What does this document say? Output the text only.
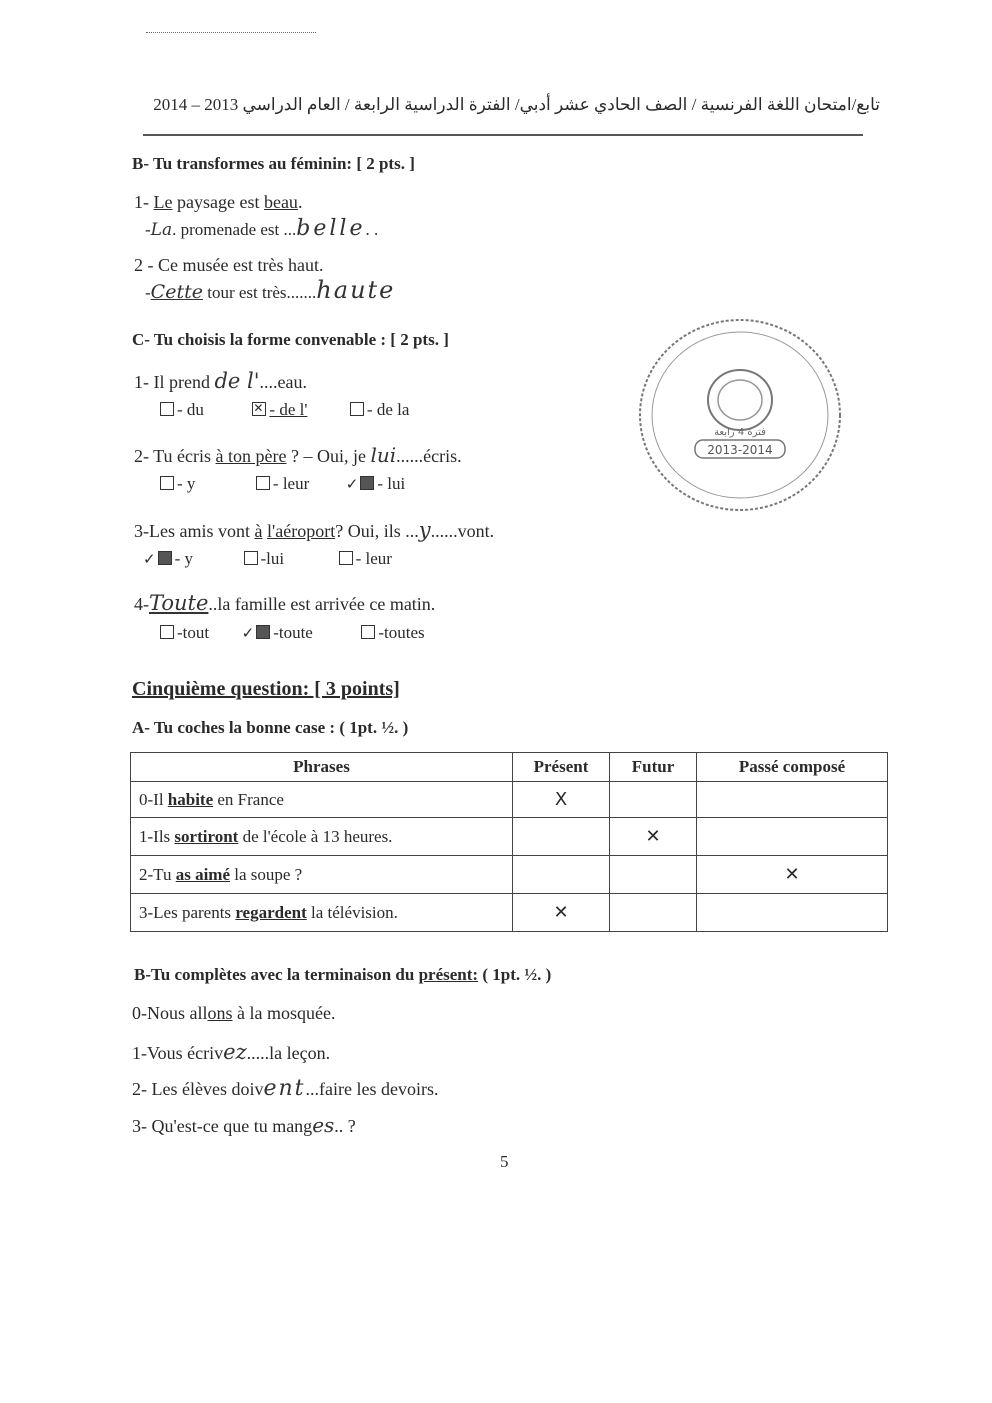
تابع/امتحان اللغة الفرنسية / الصف الحادي عشر أدبي/ الفترة الدراسية الرابعة / العام الدراسي 2013 – 2014
B- Tu transformes au féminin: [ 2 pts. ]
1- Le paysage est beau.
-La. promenade est ...belle. .
2 - Ce musée est très haut.
-Cette tour est très.......haute
C- Tu choisis la forme convenable : [ 2 pts. ]
1- Il prend de l'....eau.
- du ✕	- de l'	- de la
2- Tu écris à ton père ? – Oui, je lui......écris.
- y	- leur ✓ - lui
3-Les amis vont à l'aéroport? Oui, ils ...y......vont.
✓ - y	-lui	- leur
4-Toute..la famille est arrivée ce matin.
-tout ✓ -toute	-toutes
2013-2014
فترة 4 رابعة
Cinquième question: [ 3 points]
A- Tu coches la bonne case : ( 1pt. ½. )
Phrases	Présent	Futur	Passé composé
0-Il habite en France	X		
1-Ils sortiront de l'école à 13 heures.		✕	
2-Tu as aimé la soupe ?			✕
3-Les parents regardent la télévision.	✕		
B-Tu complètes avec la terminaison du présent: ( 1pt. ½. )
0-Nous allons à la mosquée.
1-Vous écrivez.....la leçon.
2- Les élèves doivent...faire les devoirs.
3- Qu'est-ce que tu manges.. ?
5
